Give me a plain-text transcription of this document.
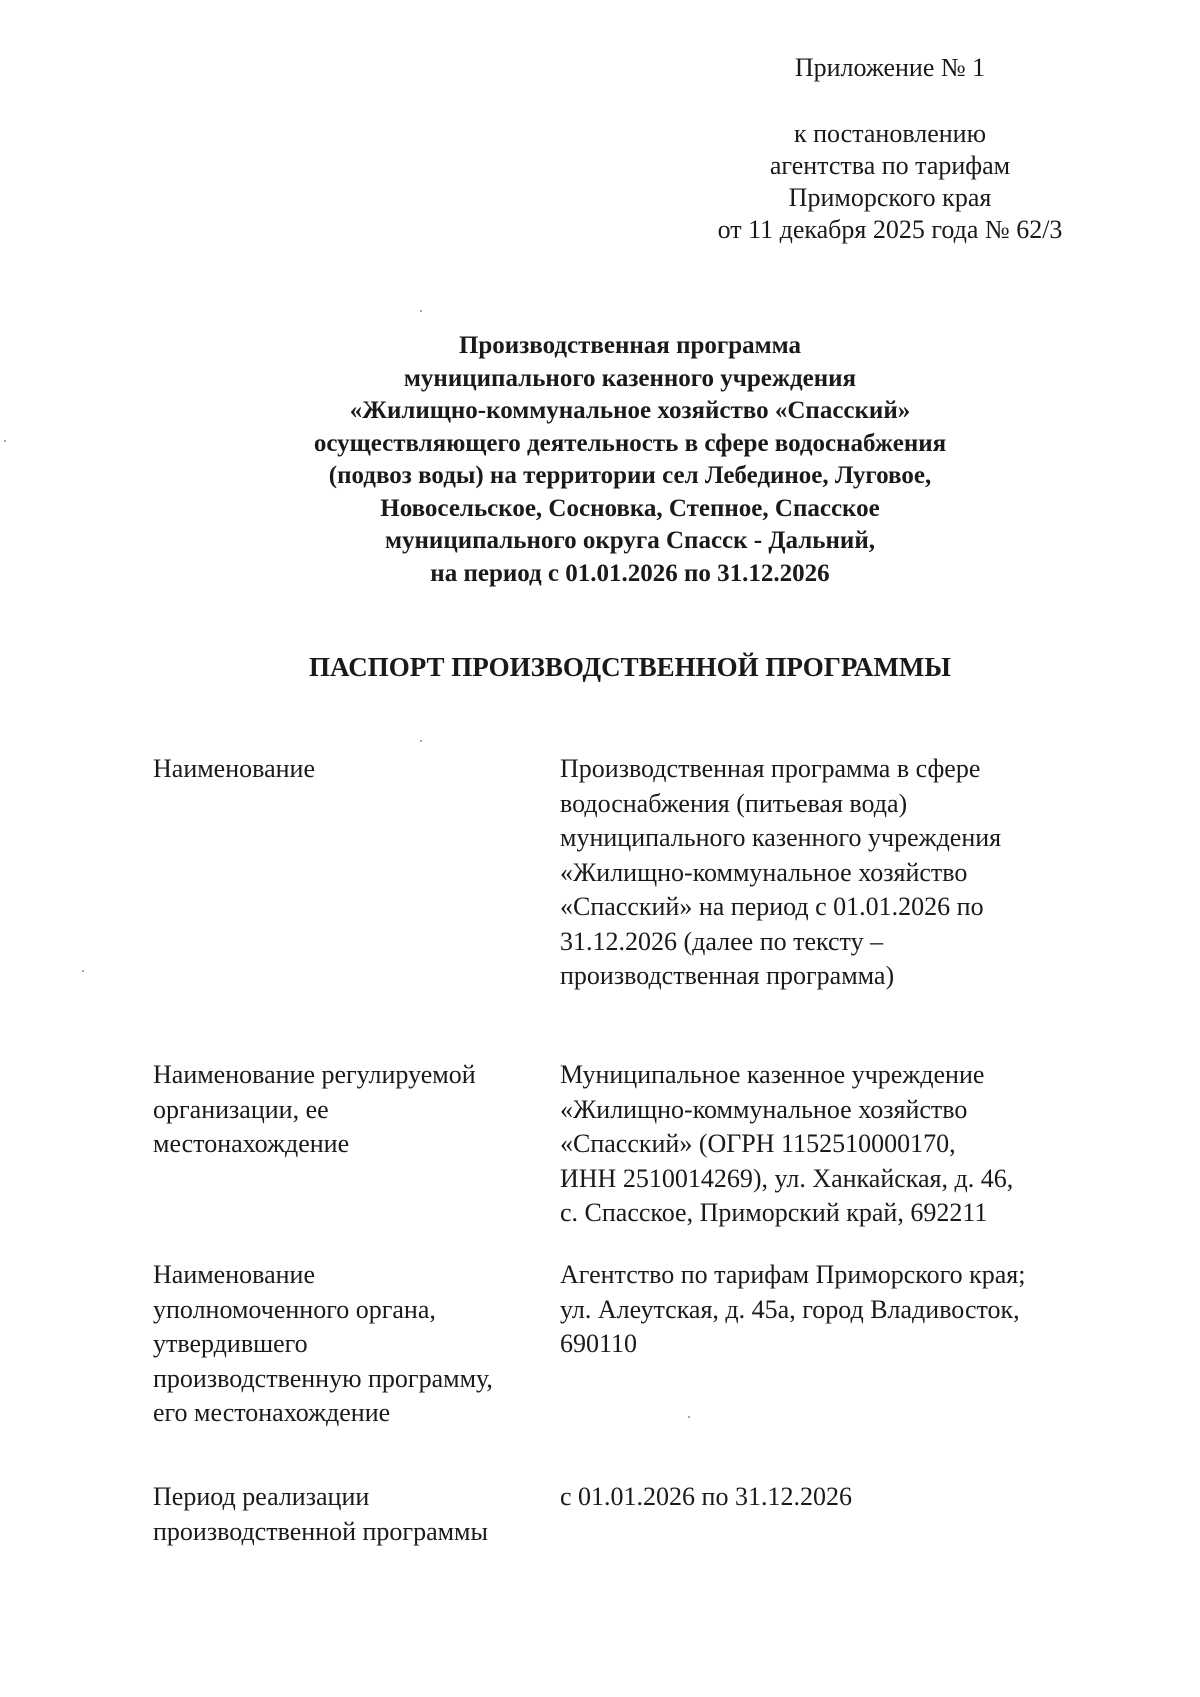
Приложение № 1
к постановлению
агентства по тарифам
Приморского края
от 11 декабря 2025 года № 62/3
Производственная программа
муниципального казенного учреждения
«Жилищно-коммунальное хозяйство «Спасский»
осуществляющего деятельность в сфере водоснабжения
(подвоз воды) на территории сел Лебединое, Луговое,
Новосельское, Сосновка, Степное, Спасское
муниципального округа Спасск - Дальний,
на период с 01.01.2026 по 31.12.2026
ПАСПОРТ ПРОИЗВОДСТВЕННОЙ ПРОГРАММЫ
Наименование	Производственная программа в сфере
водоснабжения (питьевая вода)
муниципального казенного учреждения
«Жилищно-коммунальное хозяйство
«Спасский» на период с 01.01.2026 по
31.12.2026 (далее по тексту –
производственная программа)
Наименование регулируемой
организации, ее
местонахождение
Муниципальное казенное учреждение
«Жилищно-коммунальное хозяйство
«Спасский» (ОГРН 1152510000170,
ИНН 2510014269), ул. Ханкайская, д. 46,
с. Спасское, Приморский край, 692211
Наименование
уполномоченного органа,
утвердившего
производственную программу,
его местонахождение
Агентство по тарифам Приморского края;
ул. Алеутская, д. 45а, город Владивосток,
690110
Период реализации
производственной программы
с 01.01.2026 по 31.12.2026
